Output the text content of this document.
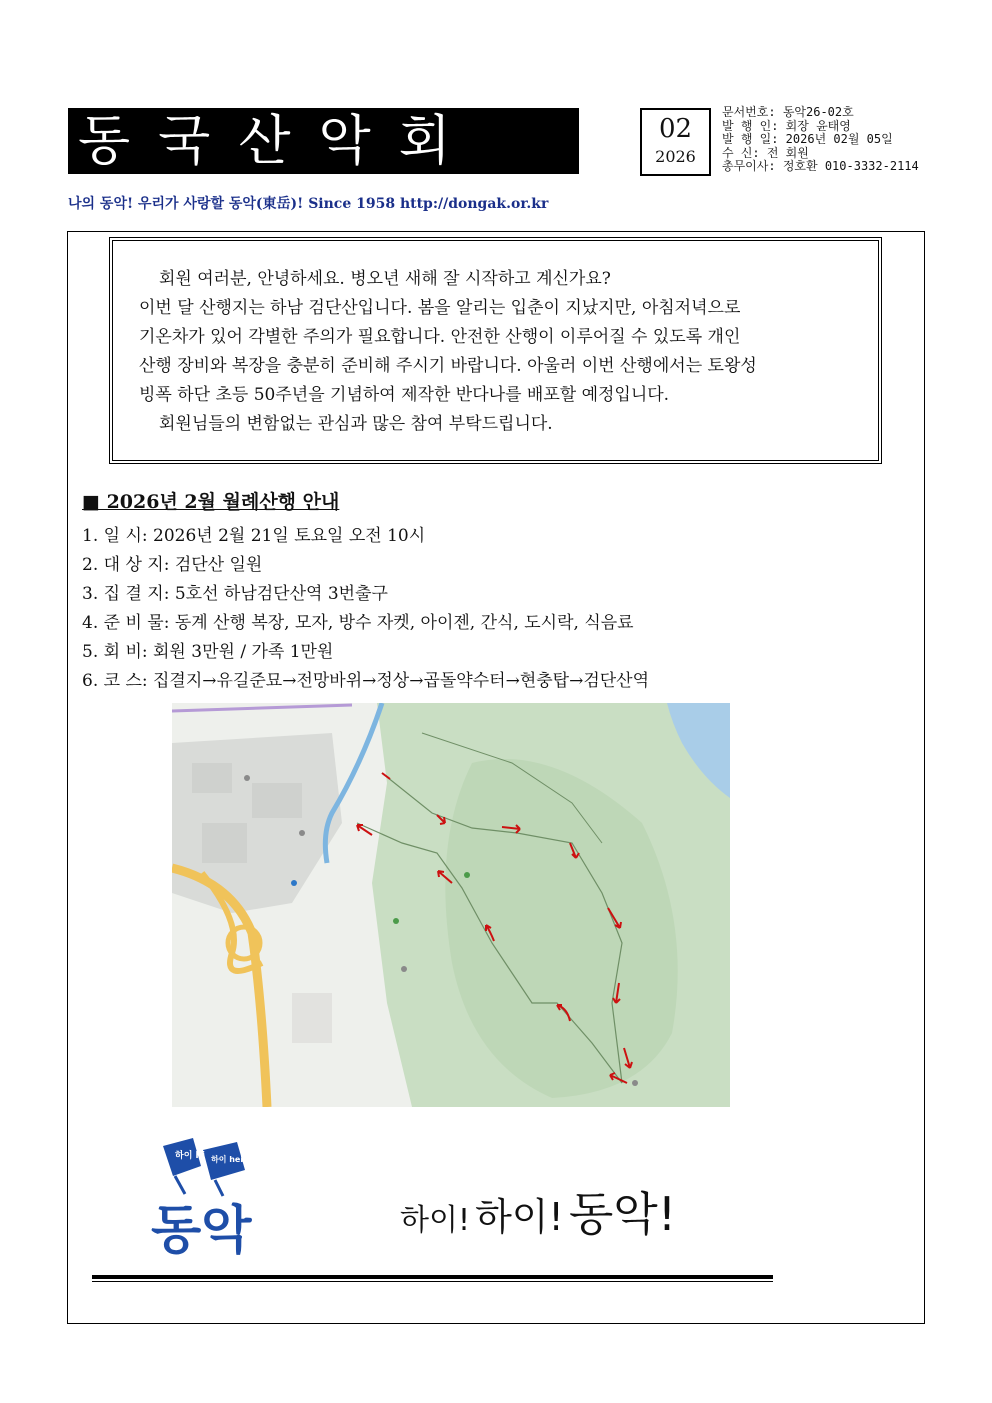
동국산악회	02
2026
문서번호: 동악26-02호
발 행 인: 회장 윤태영
발 행 일: 2026년 02월 05일
수 신: 전 회원
총무이사: 정호환 010-3332-2114
나의 동악! 우리가 사랑할 동악(東岳)! Since 1958 http://dongak.or.kr

회원 여러분, 안녕하세요. 병오년 새해 잘 시작하고 계신가요?

이번 달 산행지는 하남 검단산입니다. 봄을 알리는 입춘이 지났지만, 아침저녁으로

기온차가 있어 각별한 주의가 필요합니다. 안전한 산행이 이루어질 수 있도록 개인

산행 장비와 복장을 충분히 준비해 주시기 바랍니다. 아울러 이번 산행에서는 토왕성

빙폭 하단 초등 50주년을 기념하여 제작한 반다나를 배포할 예정입니다.

회원님들의 변함없는 관심과 많은 참여 부탁드립니다.

■ 2026년 2월 월례산행 안내
1. 일 시: 2026년 2월 21일 토요일 오전 10시
2. 대 상 지: 검단산 일원
3. 집 결 지: 5호선 하남검단산역 3번출구
4. 준 비 물: 동계 산행 복장, 모자, 방수 자켓, 아이젠, 간식, 도시락, 식음료
5. 회 비: 회원 3만원 / 가족 1만원
6. 코 스: 집결지→유길준묘→전망바위→정상→곱돌약수터→현충탑→검단산역
하이 hi 하이 height
동악	하이! 하이! 동악!
